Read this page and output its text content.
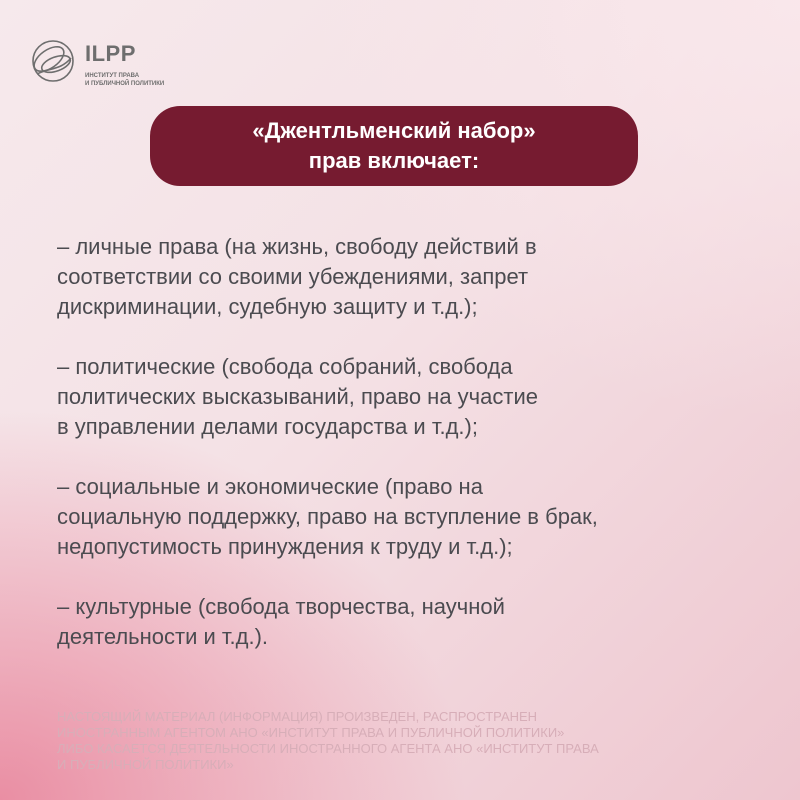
ILPP
ИНСТИТУТ ПРАВА
И ПУБЛИЧНОЙ ПОЛИТИКИ
«Джентльменский набор»
прав включает:
– личные права (на жизнь, свободу действий в
соответствии со своими убеждениями, запрет
дискриминации, судебную защиту и т.д.);
– политические (свобода собраний, свобода
политических высказываний, право на участие
в управлении делами государства и т.д.);
– социальные и экономические (право на
социальную поддержку, право на вступление в брак,
недопустимость принуждения к труду и т.д.);
– культурные (свобода творчества, научной
деятельности и т.д.).
НАСТОЯЩИЙ МАТЕРИАЛ (ИНФОРМАЦИЯ) ПРОИЗВЕДЕН, РАСПРОСТРАНЕН
ИНОСТРАННЫМ АГЕНТОМ АНО «ИНСТИТУТ ПРАВА И ПУБЛИЧНОЙ ПОЛИТИКИ»
ЛИБО КАСАЕТСЯ ДЕЯТЕЛЬНОСТИ ИНОСТРАННОГО АГЕНТА АНО «ИНСТИТУТ ПРАВА
И ПУБЛИЧНОЙ ПОЛИТИКИ»
